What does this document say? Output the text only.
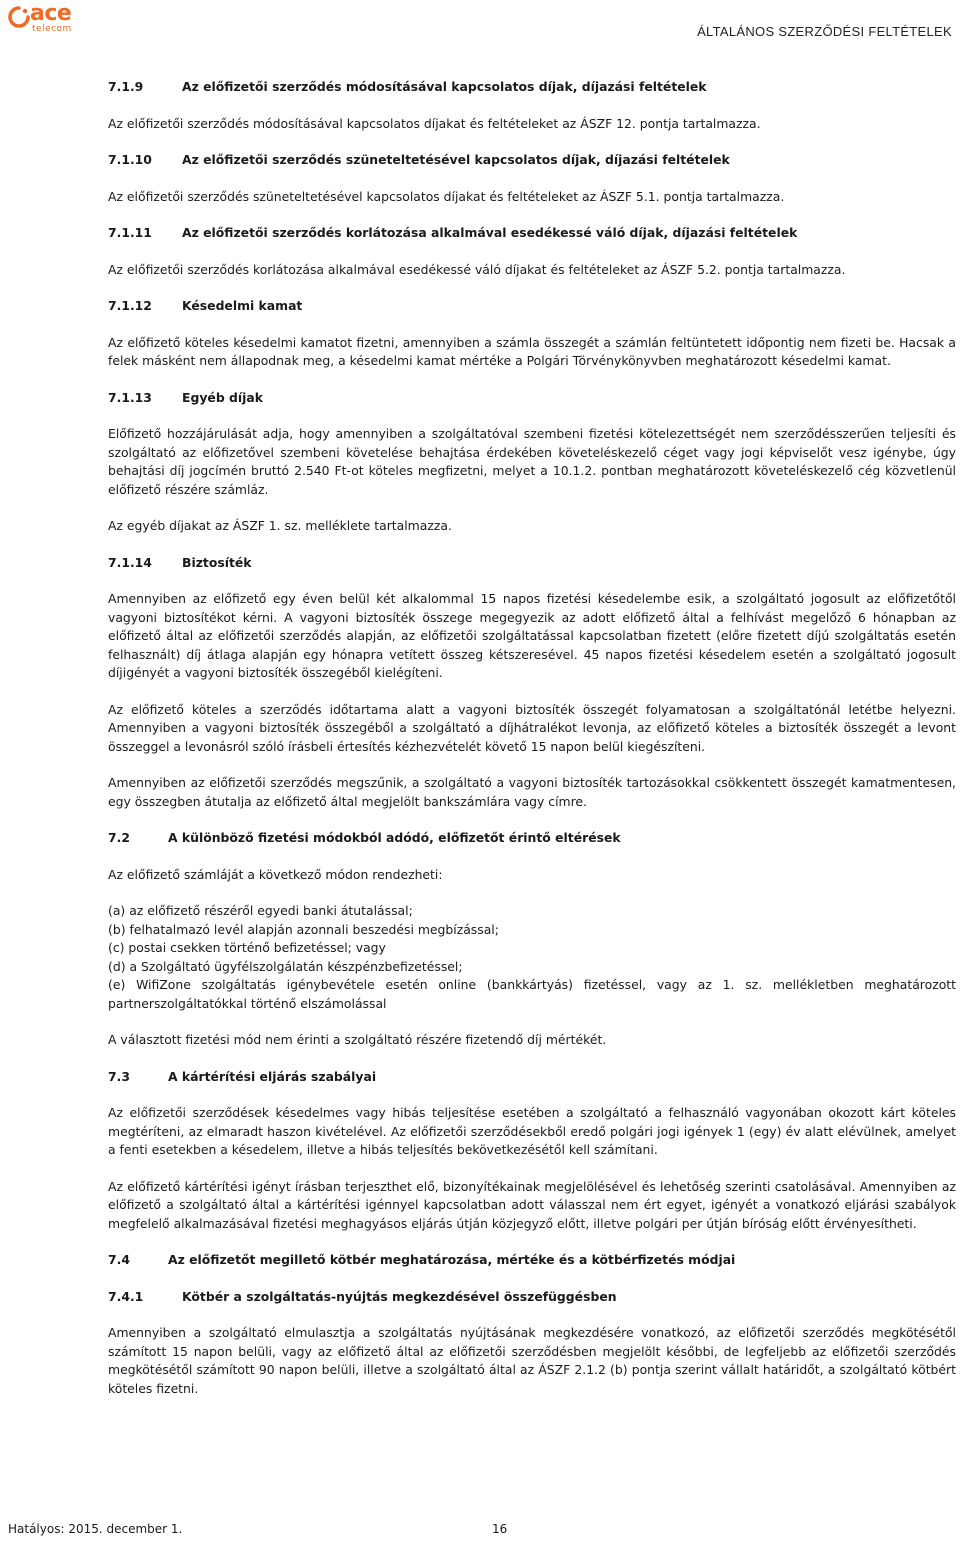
ace
telecom	ÁLTALÁNOS SZERZŐDÉSI FELTÉTELEK

7.1.9	Az előfizetői szerződés módosításával kapcsolatos díjak, díjazási feltételek

Az előfizetői szerződés módosításával kapcsolatos díjakat és feltételeket az ÁSZF 12. pontja tartalmazza.

7.1.10 Az előfizetői szerződés szüneteltetésével kapcsolatos díjak, díjazási feltételek

Az előfizetői szerződés szüneteltetésével kapcsolatos díjakat és feltételeket az ÁSZF 5.1. pontja tartalmazza.

7.1.11 Az előfizetői szerződés korlátozása alkalmával esedékessé váló díjak, díjazási feltételek

Az előfizetői szerződés korlátozása alkalmával esedékessé váló díjakat és feltételeket az ÁSZF 5.2. pontja tartalmazza.

7.1.12 Késedelmi kamat

Az előfizető köteles késedelmi kamatot fizetni, amennyiben a számla összegét a számlán feltüntetett időpontig nem fizeti be. Hacsak a felek másként nem állapodnak meg, a késedelmi kamat mértéke a Polgári Törvénykönyvben meghatározott késedelmi kamat.

7.1.13 Egyéb díjak

Előfizető hozzájárulását adja, hogy amennyiben a szolgáltatóval szembeni fizetési kötelezettségét nem szerződésszerűen teljesíti és szolgáltató az előfizetővel szembeni követelése behajtása érdekében követeléskezelő céget vagy jogi képviselőt vesz igénybe, úgy behajtási díj jogcímén bruttó 2.540 Ft-ot köteles megfizetni, melyet a 10.1.2. pontban meghatározott követeléskezelő cég közvetlenül előfizető részére számláz.

Az egyéb díjakat az ÁSZF 1. sz. melléklete tartalmazza.

7.1.14 Biztosíték

Amennyiben az előfizető egy éven belül két alkalommal 15 napos fizetési késedelembe esik, a szolgáltató jogosult az előfizetőtől vagyoni biztosítékot kérni. A vagyoni biztosíték összege megegyezik az adott előfizető által a felhívást megelőző 6 hónapban az előfizető által az előfizetői szerződés alapján, az előfizetői szolgáltatással kapcsolatban fizetett (előre fizetett díjú szolgáltatás esetén felhasznált) díj átlaga alapján egy hónapra vetített összeg kétszeresével. 45 napos fizetési késedelem esetén a szolgáltató jogosult díjigényét a vagyoni biztosíték összegéből kielégíteni.

Az előfizető köteles a szerződés időtartama alatt a vagyoni biztosíték összegét folyamatosan a szolgáltatónál letétbe helyezni. Amennyiben a vagyoni biztosíték összegéből a szolgáltató a díjhátralékot levonja, az előfizető köteles a biztosíték összegét a levont összeggel a levonásról szóló írásbeli értesítés kézhezvételét követő 15 napon belül kiegészíteni.

Amennyiben az előfizetői szerződés megszűnik, a szolgáltató a vagyoni biztosíték tartozásokkal csökkentett összegét kamatmentesen, egy összegben átutalja az előfizető által megjelölt bankszámlára vagy címre.

7.2	A különböző fizetési módokból adódó, előfizetőt érintő eltérések

Az előfizető számláját a következő módon rendezheti:

(a) az előfizető részéről egyedi banki átutalással;

(b) felhatalmazó levél alapján azonnali beszedési megbízással;

(c) postai csekken történő befizetéssel; vagy

(d) a Szolgáltató ügyfélszolgálatán készpénzbefizetéssel;

(e) WifiZone szolgáltatás igénybevétele esetén online (bankkártyás) fizetéssel, vagy az 1. sz. mellékletben meghatározott partnerszolgáltatókkal történő elszámolással

A választott fizetési mód nem érinti a szolgáltató részére fizetendő díj mértékét.

7.3	A kártérítési eljárás szabályai

Az előfizetői szerződések késedelmes vagy hibás teljesítése esetében a szolgáltató a felhasználó vagyonában okozott kárt köteles megtéríteni, az elmaradt haszon kivételével. Az előfizetői szerződésekből eredő polgári jogi igények 1 (egy) év alatt elévülnek, amelyet a fenti esetekben a késedelem, illetve a hibás teljesítés bekövetkezésétől kell számítani.

Az előfizető kártérítési igényt írásban terjeszthet elő, bizonyítékainak megjelölésével és lehetőség szerinti csatolásával. Amennyiben az előfizető a szolgáltató által a kártérítési igénnyel kapcsolatban adott válasszal nem ért egyet, igényét a vonatkozó eljárási szabályok megfelelő alkalmazásával fizetési meghagyásos eljárás útján közjegyző előtt, illetve polgári per útján bíróság előtt érvényesítheti.

7.4	Az előfizetőt megillető kötbér meghatározása, mértéke és a kötbérfizetés módjai

7.4.1	Kötbér a szolgáltatás-nyújtás megkezdésével összefüggésben

Amennyiben a szolgáltató elmulasztja a szolgáltatás nyújtásának megkezdésére vonatkozó, az előfizetői szerződés megkötésétől számított 15 napon belüli, vagy az előfizető által az előfizetői szerződésben megjelölt későbbi, de legfeljebb az előfizetői szerződés megkötésétől számított 90 napon belüli, illetve a szolgáltató által az ÁSZF 2.1.2 (b) pontja szerint vállalt határidőt, a szolgáltató kötbért köteles fizetni.

Hatályos: 2015. december 1.	16
